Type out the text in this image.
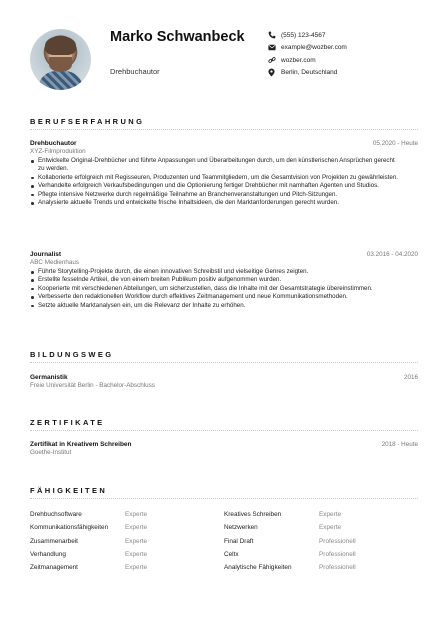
Marko Schwanbeck
Drehbuchautor
(555) 123-4567
example@wozber.com
wozber.com
Berlin, Deutschland
BERUFSERFAHRUNG
Drehbuchautor	05.2020 - Heute
XYZ-Filmproduktion
Entwickelte Original-Drehbücher und führte Anpassungen und Überarbeitungen durch, um den künstlerischen Ansprüchen gerecht zu werden.
Kollaborierte erfolgreich mit Regisseuren, Produzenten und Teammitgliedern, um die Gesamtvision von Projekten zu gewährleisten.
Verhandelte erfolgreich Verkaufsbedingungen und die Optionierung fertiger Drehbücher mit namhaften Agenten und Studios.
Pflegte intensive Netzwerke durch regelmäßige Teilnahme an Branchenveranstaltungen und Pitch-Sitzungen.
Analysierte aktuelle Trends und entwickelte frische Inhaltsideen, die den Marktanforderungen gerecht wurden.
Journalist	03.2016 - 04.2020
ABC Medienhaus
Führte Storytelling-Projekte durch, die einen innovativen Schreibstil und vielseitige Genres zeigten.
Erstellte fesselnde Artikel, die von einem breiten Publikum positiv aufgenommen wurden.
Kooperierte mit verschiedenen Abteilungen, um sicherzustellen, dass die Inhalte mit der Gesamtstrategie übereinstimmen.
Verbesserte den redaktionellen Workflow durch effektives Zeitmanagement und neue Kommunikationsmethoden.
Setzte aktuelle Marktanalysen ein, um die Relevanz der Inhalte zu erhöhen.
BILDUNGSWEG
Germanistik	2016
Freie Universität Berlin - Bachelor-Abschluss
ZERTIFIKATE
Zertifikat in Kreativem Schreiben	2018 - Heute
Goethe-Institut
FÄHIGKEITEN
Drehbuchsoftware	Experte	Kreatives Schreiben	Experte
Kommunikationsfähigkeiten	Experte	Netzwerken	Experte
Zusammenarbeit	Experte	Final Draft	Professionell
Verhandlung	Experte	Celtx	Professionell
Zeitmanagement	Experte	Analytische Fähigkeiten	Professionell
